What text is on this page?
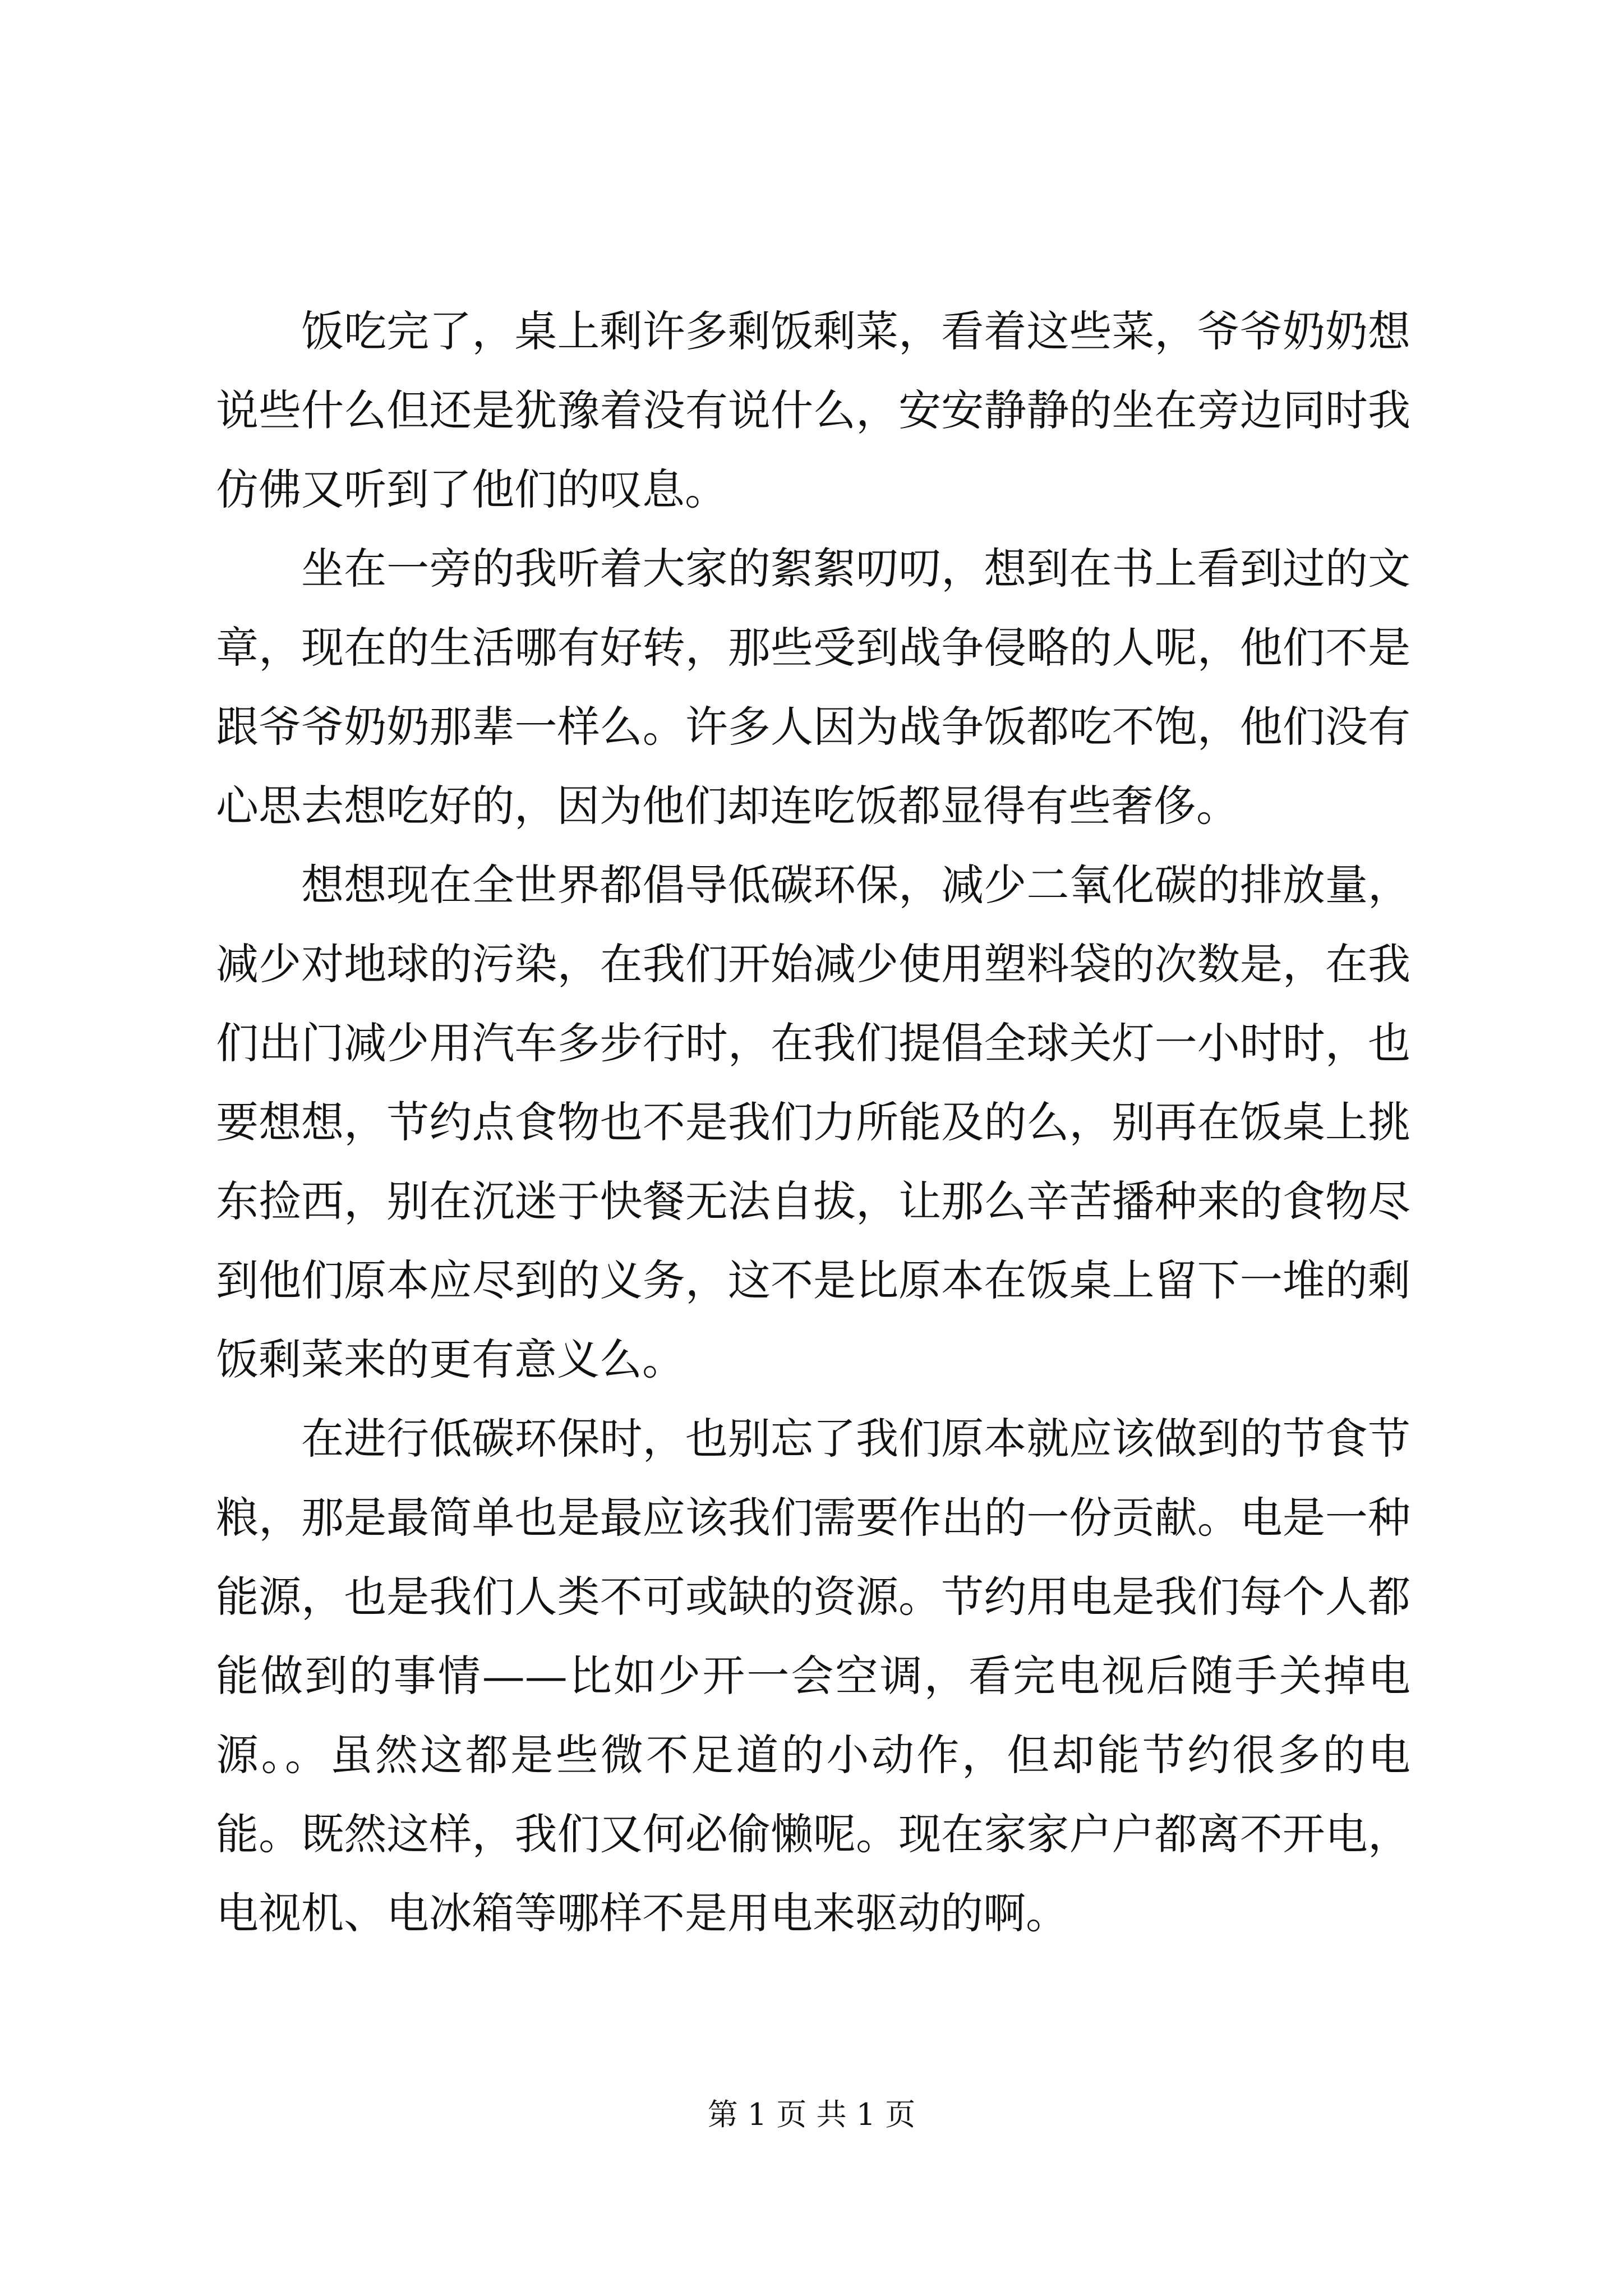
饭吃完了，桌上剩许多剩饭剩菜，看着这些菜，爷爷奶奶想说些什么但还是犹豫着没有说什么，安安静静的坐在旁边同时我仿佛又听到了他们的叹息。

坐在一旁的我听着大家的絮絮叨叨，想到在书上看到过的文章，现在的生活哪有好转，那些受到战争侵略的人呢，他们不是跟爷爷奶奶那辈一样么。许多人因为战争饭都吃不饱，他们没有心思去想吃好的，因为他们却连吃饭都显得有些奢侈。

想想现在全世界都倡导低碳环保，减少二氧化碳的排放量，减少对地球的污染，在我们开始减少使用塑料袋的次数是，在我们出门减少用汽车多步行时，在我们提倡全球关灯一小时时，也要想想，节约点食物也不是我们力所能及的么，别再在饭桌上挑东捡西，别在沉迷于快餐无法自拔，让那么辛苦播种来的食物尽到他们原本应尽到的义务，这不是比原本在饭桌上留下一堆的剩饭剩菜来的更有意义么。

在进行低碳环保时，也别忘了我们原本就应该做到的节食节粮，那是最简单也是最应该我们需要作出的一份贡献。电是一种能源，也是我们人类不可或缺的资源。节约用电是我们每个人都能做到的事情——比如少开一会空调，看完电视后随手关掉电源。。虽然这都是些微不足道的小动作，但却能节约很多的电能。既然这样，我们又何必偷懒呢。现在家家户户都离不开电，电视机、电冰箱等哪样不是用电来驱动的啊。

第 1 页 共 1 页
